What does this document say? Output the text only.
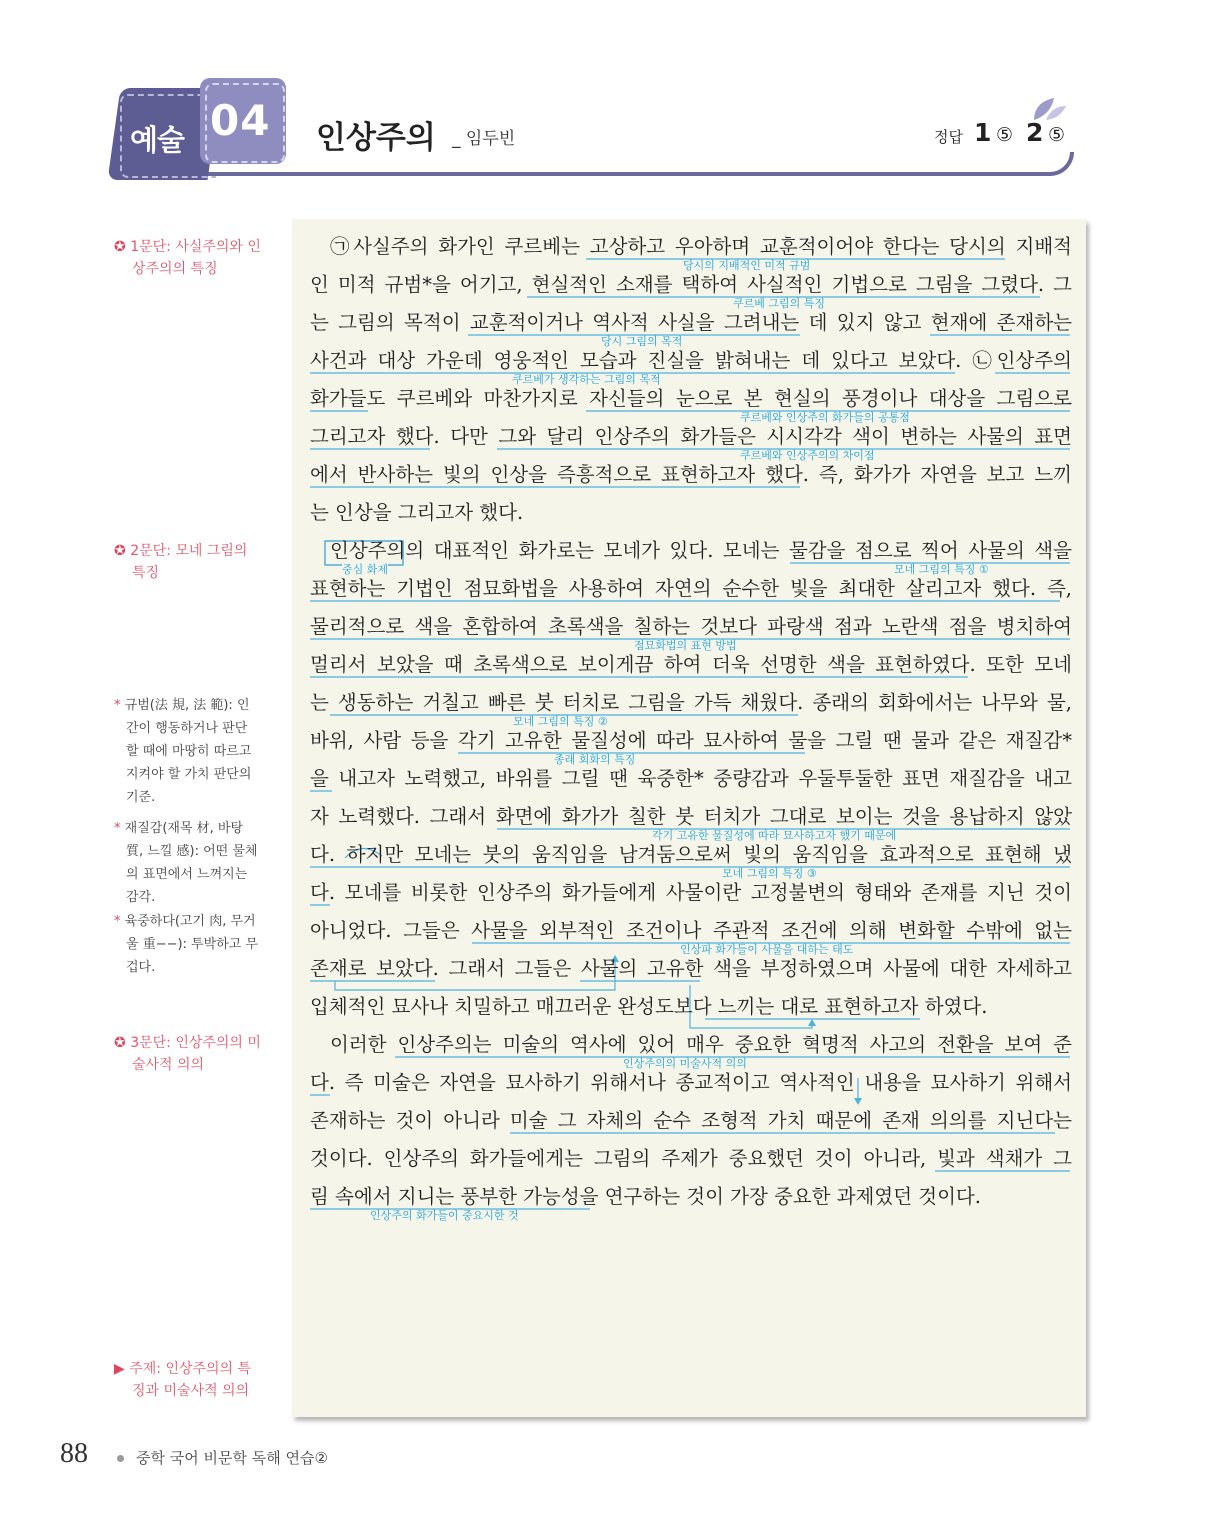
예술 04 인상주의 _ 임두빈	정답 1 ⑤ 2 ⑤
✪ 1문단: 사실주의와 인
상주의의 특징
✪ 2문단: 모네 그림의
특징
* 규범(法 規, 法 範): 인
간이 행동하거나 판단
할 때에 마땅히 따르고
지켜야 할 가치 판단의
기준.
* 재질감(재목 材, 바탕
質, 느낄 感): 어떤 물체
의 표면에서 느껴지는
감각.
* 육중하다(고기 肉, 무거
울 重−−): 투박하고 무
겁다.
✪ 3문단: 인상주의의 미
술사적 의의
▶ 주제: 인상주의의 특
징과 미술사적 의의
㉠사실주의 화가인 쿠르베는 고상하고 우아하며 교훈적이어야 한다는 당시의 지배적
인 미적 규범*을 어기고, 현실적인 소재를 택하여 사실적인 기법으로 그림을 그렸다. 그
는 그림의 목적이 교훈적이거나 역사적 사실을 그려내는 데 있지 않고 현재에 존재하는
사건과 대상 가운데 영웅적인 모습과 진실을 밝혀내는 데 있다고 보았다. ㉡인상주의
화가들도 쿠르베와 마찬가지로 자신들의 눈으로 본 현실의 풍경이나 대상을 그림으로
그리고자 했다. 다만 그와 달리 인상주의 화가들은 시시각각 색이 변하는 사물의 표면
에서 반사하는 빛의 인상을 즉흥적으로 표현하고자 했다. 즉, 화가가 자연을 보고 느끼
는 인상을 그리고자 했다.
인상주의의 대표적인 화가로는 모네가 있다. 모네는 물감을 점으로 찍어 사물의 색을
표현하는 기법인 점묘화법을 사용하여 자연의 순수한 빛을 최대한 살리고자 했다. 즉,
물리적으로 색을 혼합하여 초록색을 칠하는 것보다 파랑색 점과 노란색 점을 병치하여
멀리서 보았을 때 초록색으로 보이게끔 하여 더욱 선명한 색을 표현하였다. 또한 모네
는 생동하는 거칠고 빠른 붓 터치로 그림을 가득 채웠다. 종래의 회화에서는 나무와 물,
바위, 사람 등을 각기 고유한 물질성에 따라 묘사하여 물을 그릴 땐 물과 같은 재질감*
을 내고자 노력했고, 바위를 그릴 땐 육중한* 중량감과 우둘투둘한 표면 재질감을 내고
자 노력했다. 그래서 화면에 화가가 칠한 붓 터치가 그대로 보이는 것을 용납하지 않았
다. 하지만 모네는 붓의 움직임을 남겨둠으로써 빛의 움직임을 효과적으로 표현해 냈
다. 모네를 비롯한 인상주의 화가들에게 사물이란 고정불변의 형태와 존재를 지닌 것이
아니었다. 그들은 사물을 외부적인 조건이나 주관적 조건에 의해 변화할 수밖에 없는
존재로 보았다. 그래서 그들은 사물의 고유한 색을 부정하였으며 사물에 대한 자세하고
입체적인 묘사나 치밀하고 매끄러운 완성도보다 느끼는 대로 표현하고자 하였다.
이러한 인상주의는 미술의 역사에 있어 매우 중요한 혁명적 사고의 전환을 보여 준
다. 즉 미술은 자연을 묘사하기 위해서나 종교적이고 역사적인 내용을 묘사하기 위해서
존재하는 것이 아니라 미술 그 자체의 순수 조형적 가치 때문에 존재 의의를 지닌다는
것이다. 인상주의 화가들에게는 그림의 주제가 중요했던 것이 아니라, 빛과 색채가 그
림 속에서 지니는 풍부한 가능성을 연구하는 것이 가장 중요한 과제였던 것이다.
당시의 지배적인 미적 규범
쿠르베 그림의 특징
당시 그림의 목적
쿠르베가 생각하는 그림의 목적
쿠르베와 인상주의 화가들의 공통점
쿠르베와 인상주의의 차이점
중심 화제	모네 그림의 특징 ①
점묘화법의 표현 방법
모네 그림의 특징 ②
종래 회화의 특징
각기 고유한 물질성에 따라 묘사하고자 했기 때문에
모네 그림의 특징 ③
인상파 화가들이 사물을 대하는 태도
인상주의의 미술사적 의의
인상주의 화가들이 중요시한 것
88	중학 국어 비문학 독해 연습②
